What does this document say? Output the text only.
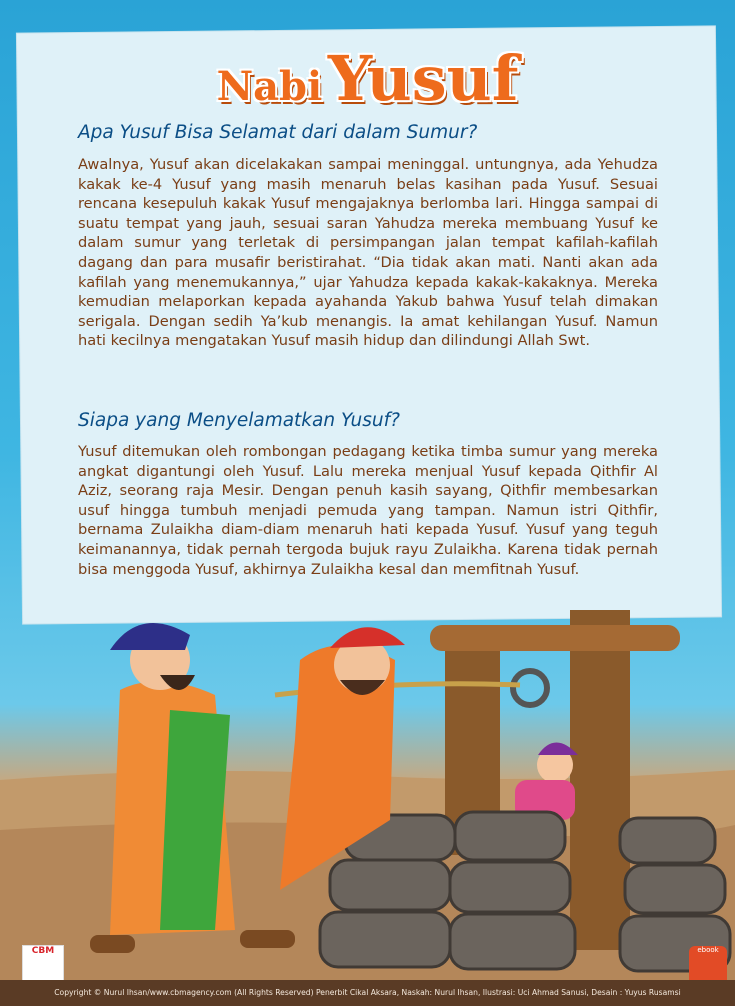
Nabi Yusuf
Apa Yusuf Bisa Selamat dari dalam Sumur?

Awalnya, Yusuf akan dicelakakan sampai meninggal. untungnya, ada Yehudza kakak ke-4 Yusuf yang masih menaruh belas kasihan pada Yusuf. Sesuai rencana kesepuluh kakak Yusuf mengajaknya berlomba lari. Hingga sampai di suatu tempat yang jauh, sesuai saran Yahudza mereka membuang Yusuf ke dalam sumur yang terletak di persimpangan jalan tempat kafilah-kafilah dagang dan para musafir beristirahat. “Dia tidak akan mati. Nanti akan ada kafilah yang menemukannya,” ujar Yahudza kepada kakak-kakaknya. Mereka kemudian melaporkan kepada ayahanda Yakub bahwa Yusuf telah dimakan serigala. Dengan sedih Ya’kub menangis. Ia amat kehilangan Yusuf. Namun hati kecilnya mengatakan Yusuf masih hidup dan dilindungi Allah Swt.

Siapa yang Menyelamatkan Yusuf?

Yusuf ditemukan oleh rombongan pedagang ketika timba sumur yang mereka angkat digantungi oleh Yusuf. Lalu mereka menjual Yusuf kepada Qithfir Al Aziz, seorang raja Mesir. Dengan penuh kasih sayang, Qithfir membesarkan usuf hingga tumbuh menjadi pemuda yang tampan. Namun istri Qithfir, bernama Zulaikha diam-diam menaruh hati kepada Yusuf. Yusuf yang teguh keimanannya, tidak pernah tergoda bujuk rayu Zulaikha. Karena tidak pernah bisa menggoda Yusuf, akhirnya Zulaikha kesal dan memfitnah Yusuf.

CBM	ebook
Copyright © Nurul Ihsan/www.cbmagency.com (All Rights Reserved) Penerbit Cikal Aksara, Naskah: Nurul Ihsan, Ilustrasi: Uci Ahmad Sanusi, Desain : Yuyus Rusamsi
